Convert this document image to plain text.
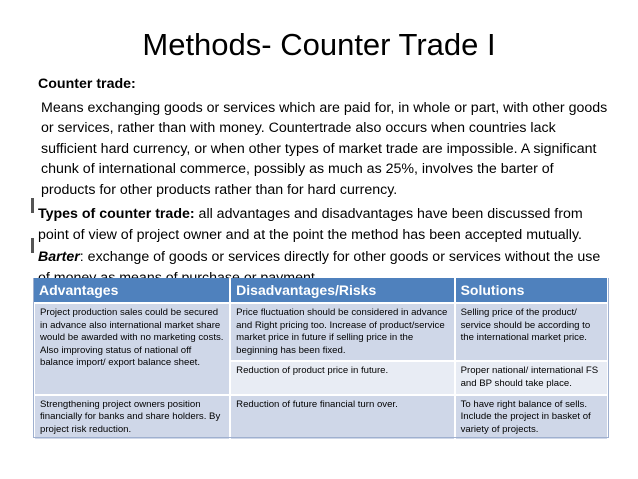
Methods- Counter Trade I

Counter trade:

Means exchanging goods or services which are paid for, in whole or part, with other goods or services, rather than with money. Countertrade also occurs when countries lack sufficient hard currency, or when other types of market trade are impossible. A significant chunk of international commerce, possibly as much as 25%, involves the barter of products for other products rather than for hard currency.

Types of counter trade: all advantages and disadvantages have been discussed from point of view of project owner and at the point the method has been accepted mutually.

Barter: exchange of goods or services directly for other goods or services without the use

Advantages	Disadvantages/Risks	Solutions
Project production sales could be secured in advance also international market share would be awarded with no marketing costs. Also improving status of national off balance import/ export balance sheet.	Price fluctuation should be considered in advance and Right pricing too. Increase of product/service market price in future if selling price in the beginning has been fixed.	Selling price of the product/ service should be according to the international market price.
	Reduction of product price in future.	Proper national/ international FS and BP should take place.
Strengthening project owners position financially for banks and share holders. By project risk reduction.	Reduction of future financial turn over.	To have right balance of sells. Include the project in basket of variety of projects.
